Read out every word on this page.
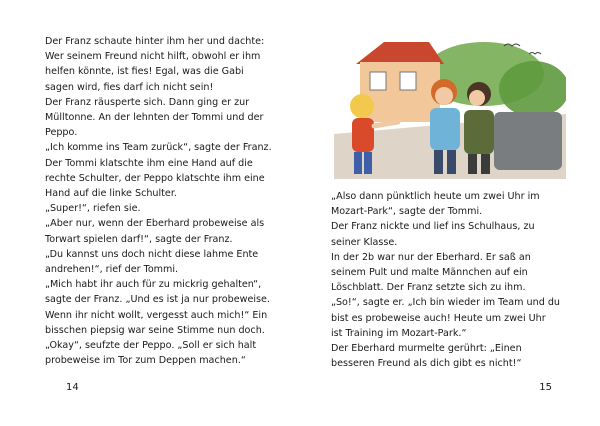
Der Franz schaute hinter ihm her und dachte:
Wer seinem Freund nicht hilft, obwohl er ihm
helfen könnte, ist fies! Egal, was die Gabi
sagen wird, fies darf ich nicht sein!
Der Franz räusperte sich. Dann ging er zur
Mülltonne. An der lehnten der Tommi und der
Peppo.
„Ich komme ins Team zurück“, sagte der Franz.
Der Tommi klatschte ihm eine Hand auf die
rechte Schulter, der Peppo klatschte ihm eine
Hand auf die linke Schulter.
„Super!“, riefen sie.
„Aber nur, wenn der Eberhard probeweise als
Torwart spielen darf!“, sagte der Franz.
„Du kannst uns doch nicht diese lahme Ente
andrehen!“, rief der Tommi.
„Mich habt ihr auch für zu mickrig gehalten“,
sagte der Franz. „Und es ist ja nur probeweise.
Wenn ihr nicht wollt, vergesst auch mich!“ Ein
bisschen piepsig war seine Stimme nun doch.
„Okay“, seufzte der Peppo. „Soll er sich halt
probeweise im Tor zum Deppen machen.“
14
„Also dann pünktlich heute um zwei Uhr im
Mozart-Park“, sagte der Tommi.
Der Franz nickte und lief ins Schulhaus, zu
seiner Klasse.
In der 2b war nur der Eberhard. Er saß an
seinem Pult und malte Männchen auf ein
Löschblatt. Der Franz setzte sich zu ihm.
„So!“, sagte er. „Ich bin wieder im Team und du
bist es probeweise auch! Heute um zwei Uhr
ist Training im Mozart-Park.“
Der Eberhard murmelte gerührt: „Einen
besseren Freund als dich gibt es nicht!“
15
